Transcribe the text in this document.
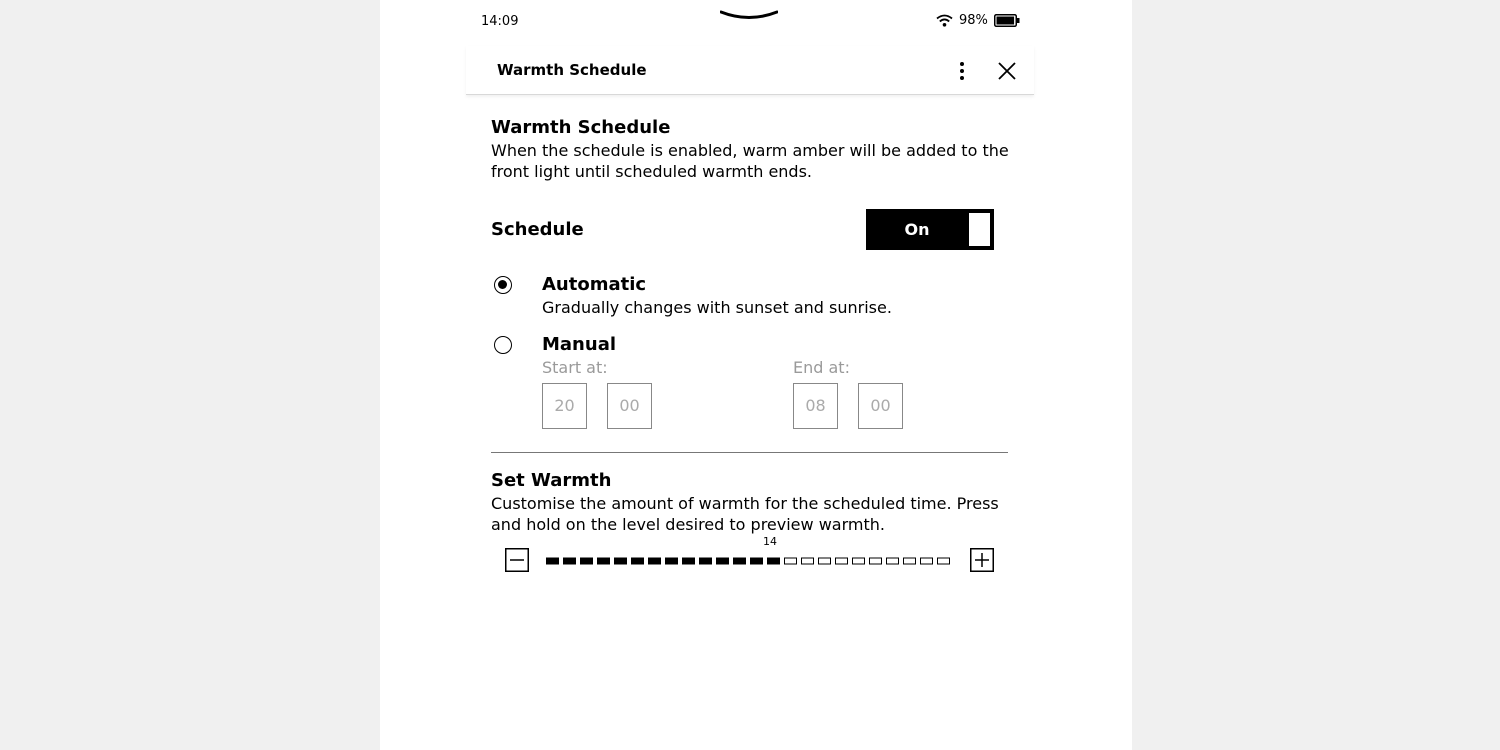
14:09	98%
Warmth Schedule
Warmth Schedule
When the schedule is enabled, warm amber will be added to the front light until scheduled warmth ends.
Schedule	On
Automatic
Gradually changes with sunset and sunrise.
Manual
Start at:
20	00
End at:
08	00
Set Warmth
Customise the amount of warmth for the scheduled time. Press and hold on the level desired to preview warmth.
14
